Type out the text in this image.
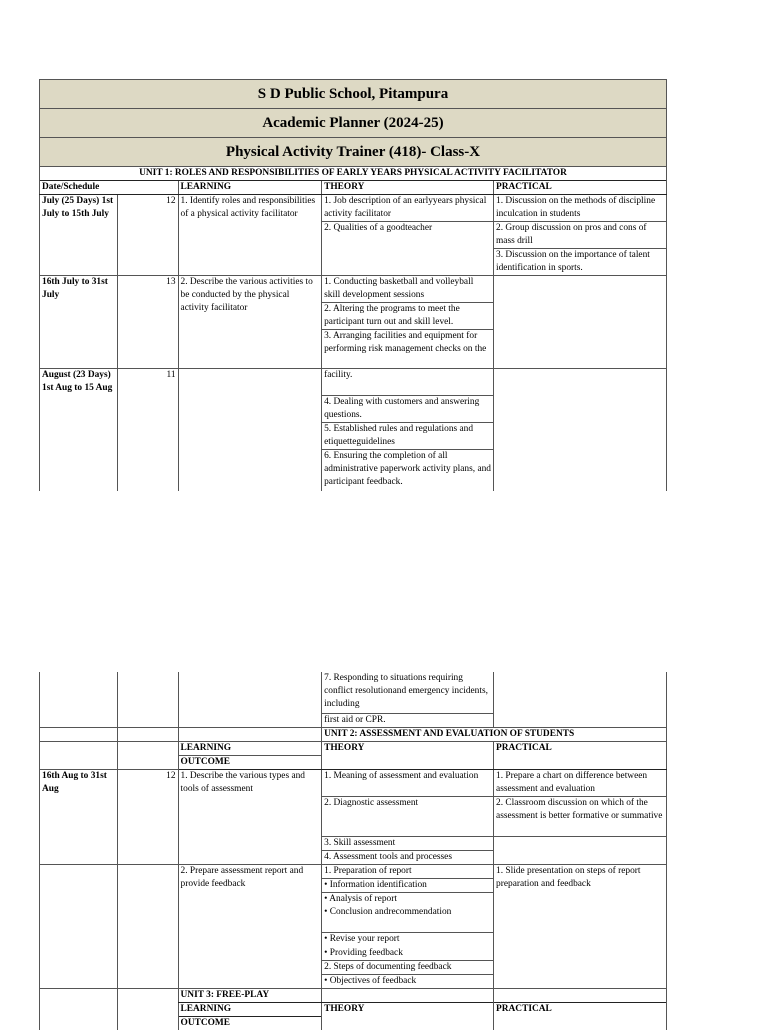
S D Public School, Pitampura				
Academic Planner (2024-25)				
Physical Activity Trainer (418)- Class-X				
UNIT 1: ROLES AND RESPONSIBILITIES OF EARLY YEARS PHYSICAL ACTIVITY FACILITATOR				
Date/Schedule		LEARNING	THEORY	PRACTICAL
July (25 Days) 1st July to 15th July	12	1. Identify roles and responsibilities of a physical activity facilitator	1. Job description of an earlyyears physical activity facilitator	1. Discussion on the methods of discipline inculcation in students
			2. Qualities of a goodteacher	2. Group discussion on pros and cons of mass drill
				3. Discussion on the importance of talent identification in sports.
16th July to 31st July	13	2. Describe the various activities to be conducted by the physical activity facilitator	1. Conducting basketball and volleyball skill development sessions	
			2. Altering the programs to meet the participant turn out and skill level.	
			3. Arranging facilities and equipment for performing risk management checks on the	
August (23 Days) 1st Aug to 15 Aug	11		facility.	
			4. Dealing with customers and answering questions.	
			5. Established rules and regulations and etiquetteguidelines	
			6. Ensuring the completion of all administrative paperwork activity plans, and participant feedback.	
			7. Responding to situations requiring conflict resolutionand emergency incidents, including	
			first aid or CPR.	
			UNIT 2: ASSESSMENT AND EVALUATION OF STUDENTS	
		LEARNING	THEORY	PRACTICAL
		OUTCOME		
16th Aug to 31st Aug	12	1. Describe the various types and tools of assessment	1. Meaning of assessment and evaluation	1. Prepare a chart on difference between assessment and evaluation
			2. Diagnostic assessment	2. Classroom discussion on which of the assessment is better formative or summative
			3. Skill assessment	
			4. Assessment tools and processes	
		2. Prepare assessment report and provide feedback	1. Preparation of report	1. Slide presentation on steps of report preparation and feedback
			• Information identification	
			• Analysis of report	
			• Conclusion andrecommendation	
			• Revise your report	
			• Providing feedback	
			2. Steps of documenting feedback	
			• Objectives of feedback	
		UNIT 3: FREE-PLAY		
		LEARNING	THEORY	PRACTICAL
		OUTCOME		
